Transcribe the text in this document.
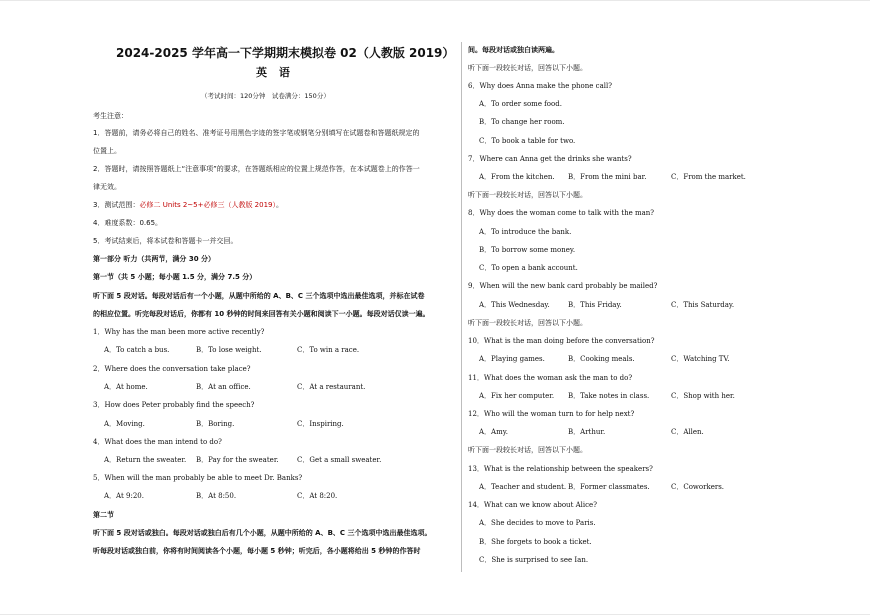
2024-2025 学年高一下学期期末模拟卷 02（人教版 2019）
英 语
（考试时间：120分钟　试卷满分：150分）
考生注意：
1．答题前，请务必将自己的姓名、准考证号用黑色字迹的签字笔或钢笔分别填写在试题卷和答题纸规定的
位置上。
2．答题时，请按照答题纸上“注意事项”的要求，在答题纸相应的位置上规范作答，在本试题卷上的作答一
律无效。
3．测试范围：必修二 Units 2~5+必修三（人教版 2019）。
4．难度系数：0.65。
5．考试结束后，将本试卷和答题卡一并交回。
第一部分 听力（共两节，满分 30 分）
第一节（共 5 小题；每小题 1.5 分，满分 7.5 分）
听下面 5 段对话。每段对话后有一个小题，从题中所给的 A、B、C 三个选项中选出最佳选项，并标在试卷
的相应位置。听完每段对话后，你都有 10 秒钟的时间来回答有关小题和阅读下一小题。每段对话仅读一遍。
1．Why has the man been more active recently?
A．To catch a bus.	B．To lose weight.	C．To win a race.
2．Where does the conversation take place?
A．At home.	B．At an office.	C．At a restaurant.
3．How does Peter probably find the speech?
A．Moving.	B．Boring.	C．Inspiring.
4．What does the man intend to do?
A．Return the sweater. B．Pay for the sweater.	C．Get a small sweater.
5．When will the man probably be able to meet Dr. Banks?
A．At 9:20.	B．At 8:50.	C．At 8:20.
第二节
听下面 5 段对话或独白。每段对话或独白后有几个小题，从题中所给的 A、B、C 三个选项中选出最佳选项。
听每段对话或独白前，你将有时间阅读各个小题，每小题 5 秒钟；听完后，各小题将给出 5 秒钟的作答时
间。每段对话或独白读两遍。
听下面一段较长对话，回答以下小题。
6．Why does Anna make the phone call?
A．To order some food.
B．To change her room.
C．To book a table for two.
7．Where can Anna get the drinks she wants?
A．From the kitchen. B．From the mini bar.	C．From the market.
听下面一段较长对话，回答以下小题。
8．Why does the woman come to talk with the man?
A．To introduce the bank.
B．To borrow some money.
C．To open a bank account.
9．When will the new bank card probably be mailed?
A．This Wednesday.	B．This Friday.	C．This Saturday.
听下面一段较长对话，回答以下小题。
10．What is the man doing before the conversation?
A．Playing games.	B．Cooking meals.	C．Watching TV.
11．What does the woman ask the man to do?
A．Fix her computer. B．Take notes in class.	C．Shop with her.
12．Who will the woman turn to for help next?
A．Amy.	B．Arthur.	C．Allen.
听下面一段较长对话，回答以下小题。
13．What is the relationship between the speakers?
A．Teacher and student. B．Former classmates.	C．Coworkers.
14．What can we know about Alice?
A．She decides to move to Paris.
B．She forgets to book a ticket.
C．She is surprised to see Ian.
